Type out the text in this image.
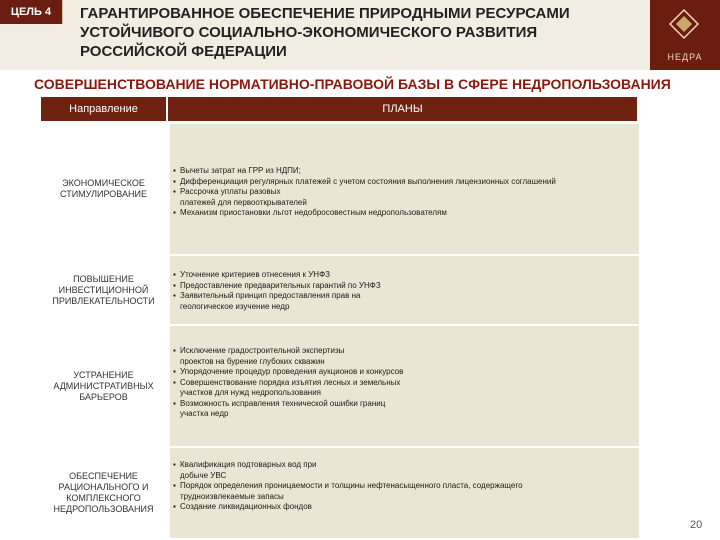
ЦЕЛЬ 4	ГАРАНТИРОВАННОЕ ОБЕСПЕЧЕНИЕ ПРИРОДНЫМИ РЕСУРСАМИ УСТОЙЧИВОГО СОЦИАЛЬНО-ЭКОНОМИЧЕСКОГО РАЗВИТИЯ РОССИЙСКОЙ ФЕДЕРАЦИИ	НЕДРА
СОВЕРШЕНСТВОВАНИЕ НОРМАТИВНО-ПРАВОВОЙ БАЗЫ В СФЕРЕ НЕДРОПОЛЬЗОВАНИЯ
Направление	ПЛАНЫ
ЭКОНОМИЧЕСКОЕ СТИМУЛИРОВАНИЕ
▪ Вычеты затрат на ГРР из НДПИ;
▪ Дифференциация регулярных платежей с учетом состояния выполнения лицензионных соглашений
▪ Рассрочка уплаты разовых платежей для первооткрывателей
▪ Механизм приостановки льгот недобросовестным недропользователям
ПОВЫШЕНИЕ ИНВЕСТИЦИОННОЙ ПРИВЛЕКАТЕЛЬНОСТИ
▪ Уточнение критериев отнесения к УНФЗ
▪ Предоставление предварительных гарантий по УНФЗ
▪ Заявительный принцип предоставления прав на геологическое изучение недр
УСТРАНЕНИЕ АДМИНИСТРАТИВНЫХ БАРЬЕРОВ
▪ Исключение градостроительной экспертизы проектов на бурение глубоких скважин
▪ Упорядочение процедур проведения аукционов и конкурсов
▪ Совершенствование порядка изъятия лесных и земельных участков для нужд недропользования
▪ Возможность исправления технической ошибки границ участка недр
ОБЕСПЕЧЕНИЕ РАЦИОНАЛЬНОГО И КОМПЛЕКСНОГО НЕДРОПОЛЬЗОВАНИЯ
▪ Квалификация подтоварных вод при добыче УВС
▪ Порядок определения проницаемости и толщины нефтенасыщенного пласта, содержащего трудноизвлекаемые запасы
▪ Создание ликвидационных фондов
20
